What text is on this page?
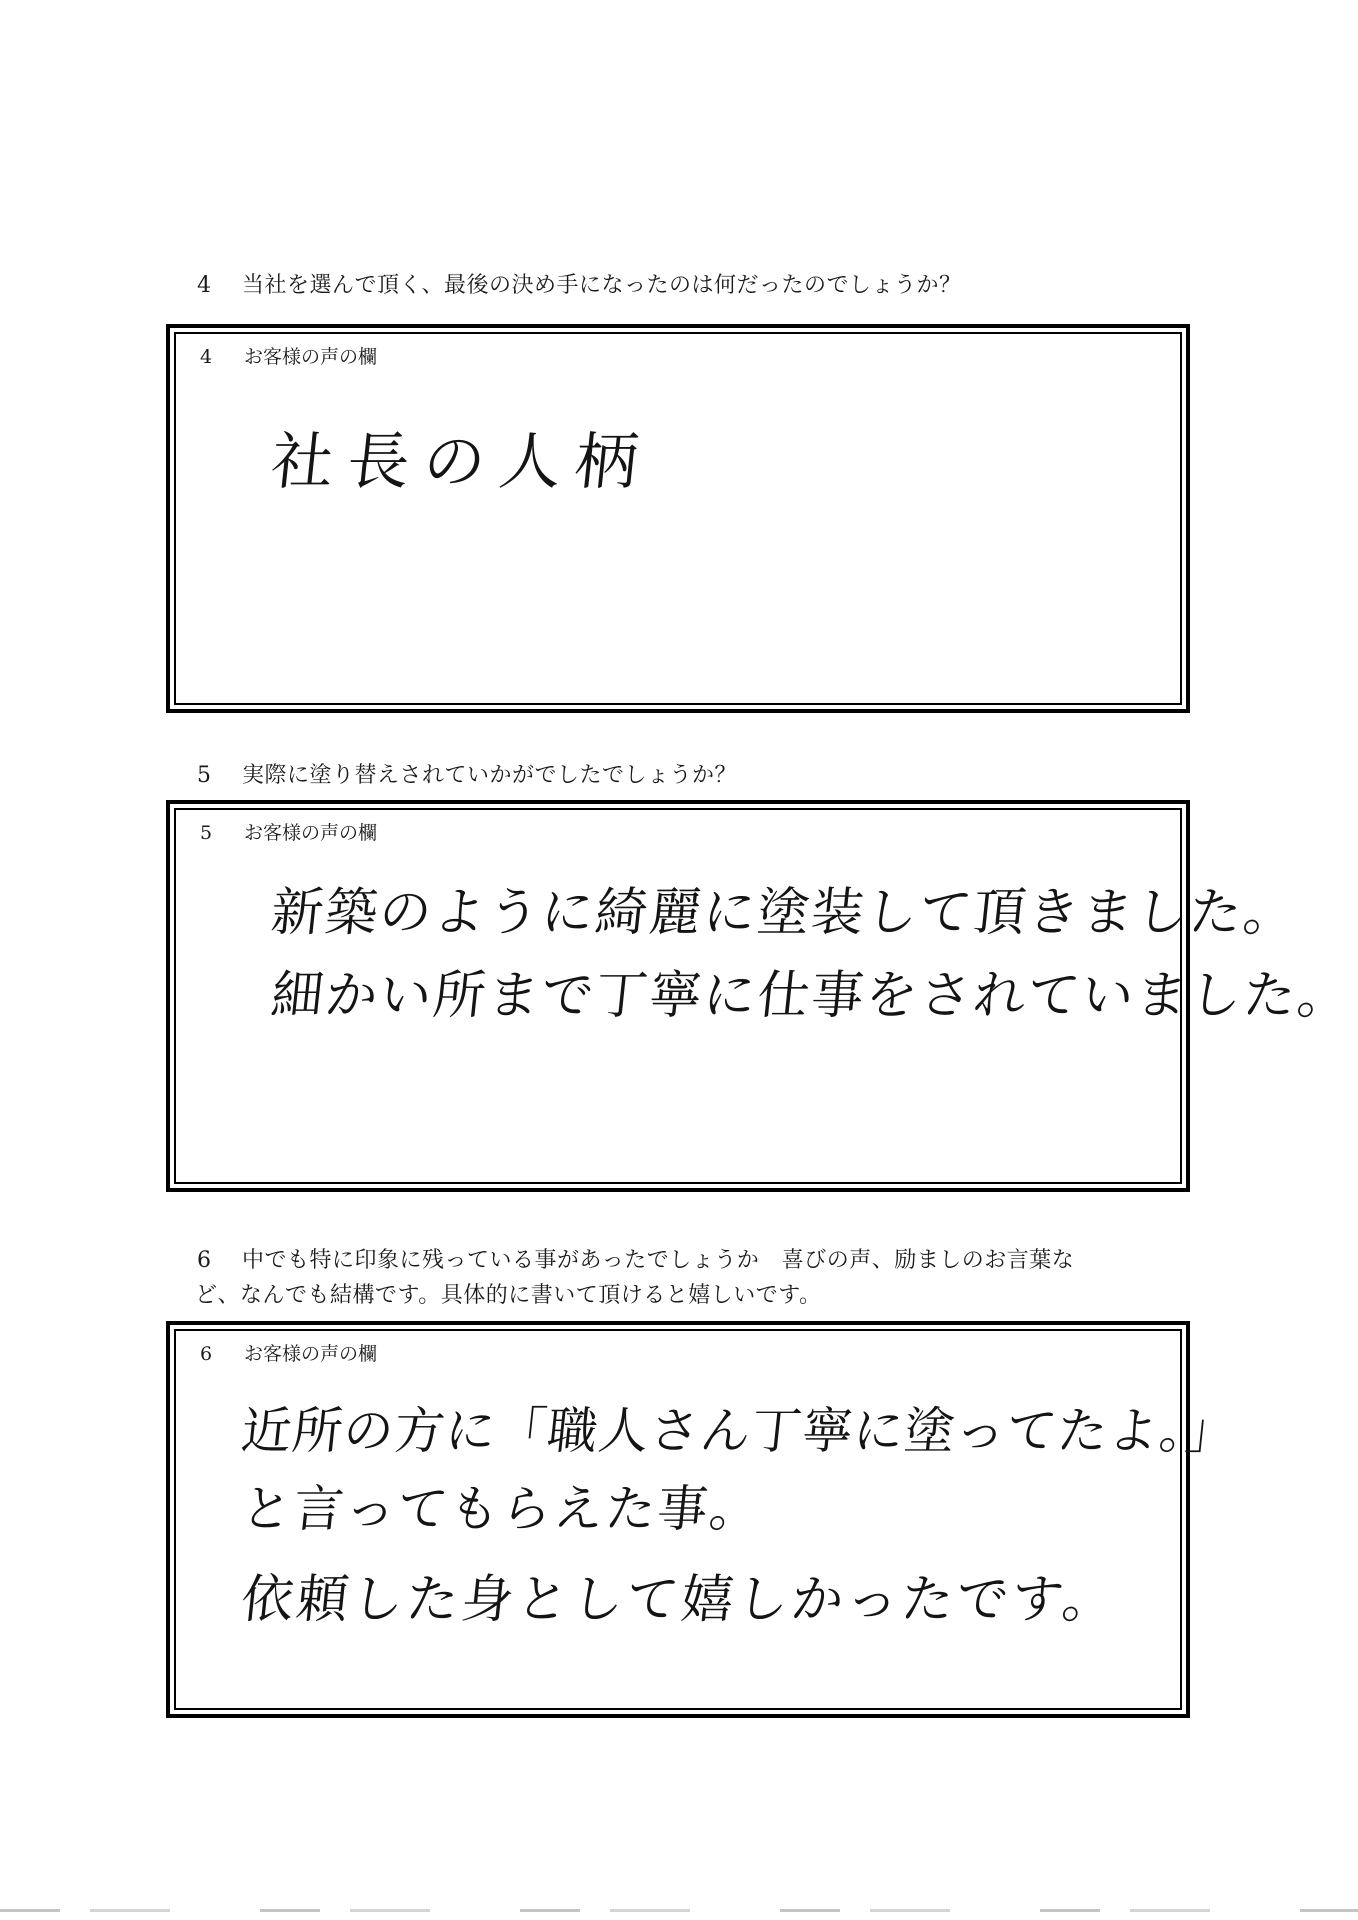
4 当社を選んで頂く、最後の決め手になったのは何だったのでしょうか？
4 お客様の声の欄
社長の人柄
5 実際に塗り替えされていかがでしたでしょうか？
5 お客様の声の欄
新築のように綺麗に塗装して頂きました。
細かい所まで丁寧に仕事をされていました。
6 中でも特に印象に残っている事があったでしょうか　喜びの声、励ましのお言葉な
ど、なんでも結構です。具体的に書いて頂けると嬉しいです。
6 お客様の声の欄
近所の方に「職人さん丁寧に塗ってたよ。」
と言ってもらえた事。
依頼した身として嬉しかったです。
